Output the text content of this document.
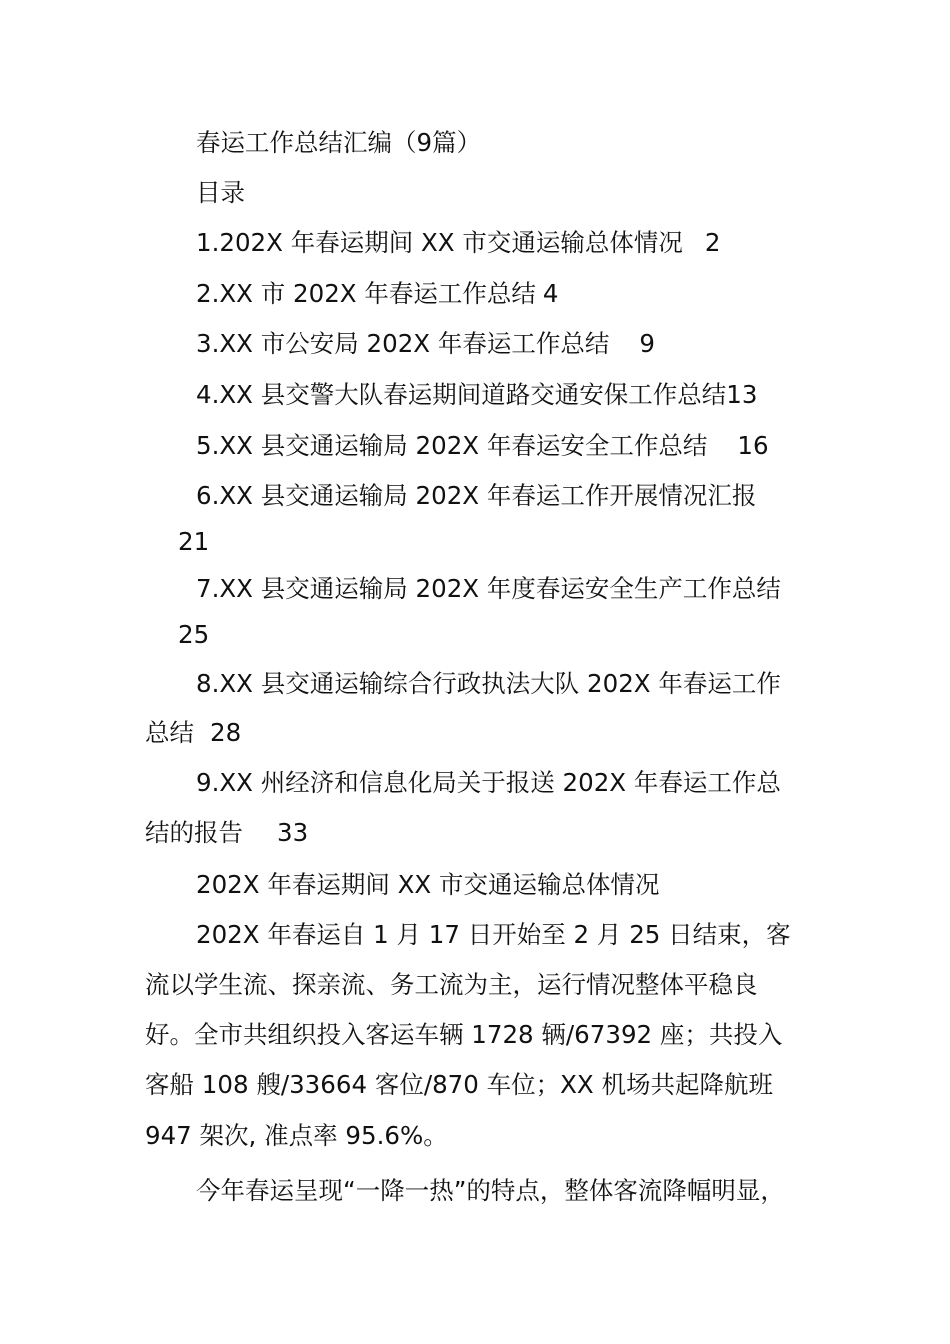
春运工作总结汇编（9篇）
目录
1.202X 年春运期间 XX 市交通运输总体情况 2
2.XX 市 202X 年春运工作总结 4
3.XX 市公安局 202X 年春运工作总结 9
4.XX 县交警大队春运期间道路交通安保工作总结13
5.XX 县交通运输局 202X 年春运安全工作总结 16
6.XX 县交通运输局 202X 年春运工作开展情况汇报
21
7.XX 县交通运输局 202X 年度春运安全生产工作总结
25
8.XX 县交通运输综合行政执法大队 202X 年春运工作
总结 28
9.XX 州经济和信息化局关于报送 202X 年春运工作总
结的报告 33
202X 年春运期间 XX 市交通运输总体情况
202X 年春运自 1 月 17 日开始至 2 月 25 日结束，客
流以学生流、探亲流、务工流为主，运行情况整体平稳良
好。全市共组织投入客运车辆 1728 辆/67392 座；共投入
客船 108 艘/33664 客位/870 车位；XX 机场共起降航班
947 架次, 准点率 95.6%。
今年春运呈现“一降一热”的特点，整体客流降幅明显，
